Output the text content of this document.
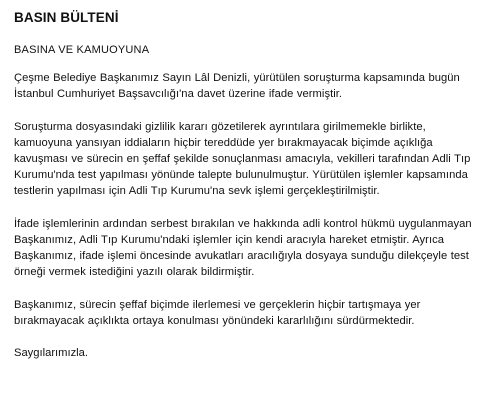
BASIN BÜLTENİ

BASINA VE KAMUOYUNA

Çeşme Belediye Başkanımız Sayın Lâl Denizli, yürütülen soruşturma kapsamında bugün İstanbul Cumhuriyet Başsavcılığı'na davet üzerine ifade vermiştir.

Soruşturma dosyasındaki gizlilik kararı gözetilerek ayrıntılara girilmemekle birlikte, kamuoyuna yansıyan iddiaların hiçbir tereddüde yer bırakmayacak biçimde açıklığa kavuşması ve sürecin en şeffaf şekilde sonuçlanması amacıyla, vekilleri tarafından Adli Tıp Kurumu'nda test yapılması yönünde talepte bulunulmuştur. Yürütülen işlemler kapsamında testlerin yapılması için Adli Tıp Kurumu'na sevk işlemi gerçekleştirilmiştir.

İfade işlemlerinin ardından serbest bırakılan ve hakkında adli kontrol hükmü uygulanmayan Başkanımız, Adli Tıp Kurumu'ndaki işlemler için kendi aracıyla hareket etmiştir. Ayrıca Başkanımız, ifade işlemi öncesinde avukatları aracılığıyla dosyaya sunduğu dilekçeyle test örneği vermek istediğini yazılı olarak bildirmiştir.

Başkanımız, sürecin şeffaf biçimde ilerlemesi ve gerçeklerin hiçbir tartışmaya yer bırakmayacak açıklıkta ortaya konulması yönündeki kararlılığını sürdürmektedir.

Saygılarımızla.
